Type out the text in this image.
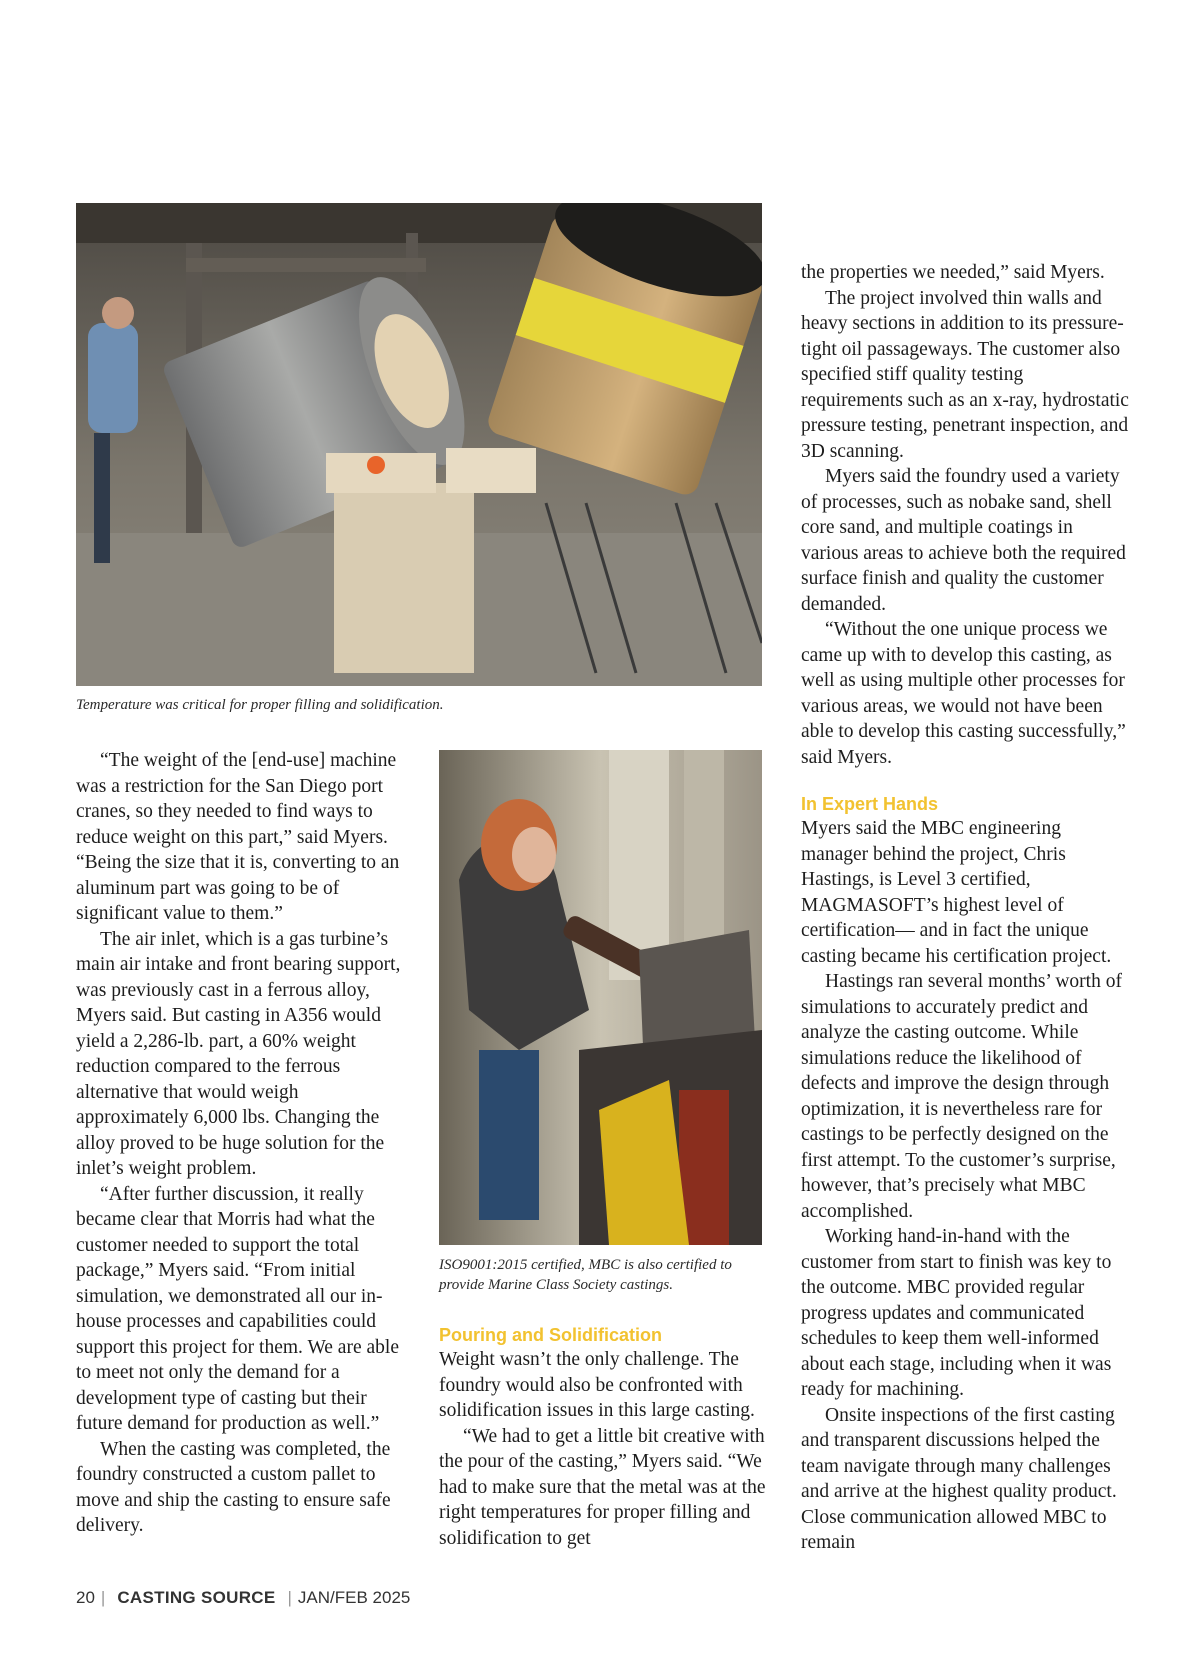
Temperature was critical for proper filling and solidification.
ISO9001:2015 certified, MBC is also certified to provide Marine Class Society castings.

“The weight of the [end-use] machine was a restriction for the San Diego port cranes, so they needed to find ways to reduce weight on this part,” said Myers. “Being the size that it is, converting to an aluminum part was going to be of significant value to them.”

The air inlet, which is a gas turbine’s main air intake and front bearing support, was previously cast in a ferrous alloy, Myers said. But casting in A356 would yield a 2,286-lb. part, a 60% weight reduction compared to the ferrous alternative that would weigh approximately 6,000 lbs. Changing the alloy proved to be huge solution for the inlet’s weight problem.

“After further discussion, it really became clear that Morris had what the customer needed to support the total package,” Myers said. “From initial simulation, we demonstrated all our in-house processes and capabilities could support this project for them. We are able to meet not only the demand for a development type of casting but their future demand for production as well.”

When the casting was completed, the foundry constructed a custom pallet to move and ship the casting to ensure safe delivery.

Pouring and Solidification

Weight wasn’t the only challenge. The foundry would also be confronted with solidification issues in this large casting.

“We had to get a little bit creative with the pour of the casting,” Myers said. “We had to make sure that the metal was at the right temperatures for proper filling and solidification to get

the properties we needed,” said Myers.

The project involved thin walls and heavy sections in addition to its pressure-tight oil passageways. The customer also specified stiff quality testing requirements such as an x-ray, hydrostatic pressure testing, penetrant inspection, and 3D scanning.

Myers said the foundry used a variety of processes, such as nobake sand, shell core sand, and multiple coatings in various areas to achieve both the required surface finish and quality the customer demanded.

“Without the one unique process we came up with to develop this casting, as well as using multiple other processes for various areas, we would not have been able to develop this casting successfully,” said Myers.

In Expert Hands

Myers said the MBC engineering manager behind the project, Chris Hastings, is Level 3 certified, MAGMASOFT’s highest level of certification— and in fact the unique casting became his certification project.

Hastings ran several months’ worth of simulations to accurately predict and analyze the casting outcome. While simulations reduce the likelihood of defects and improve the design through optimization, it is nevertheless rare for castings to be perfectly designed on the first attempt. To the customer’s surprise, however, that’s precisely what MBC accomplished.

Working hand-in-hand with the customer from start to finish was key to the outcome. MBC provided regular progress updates and communicated schedules to keep them well-informed about each stage, including when it was ready for machining.

Onsite inspections of the first casting and transparent discussions helped the team navigate through many challenges and arrive at the highest quality product. Close communication allowed MBC to remain

20 | CASTING SOURCE | JAN/FEB 2025
